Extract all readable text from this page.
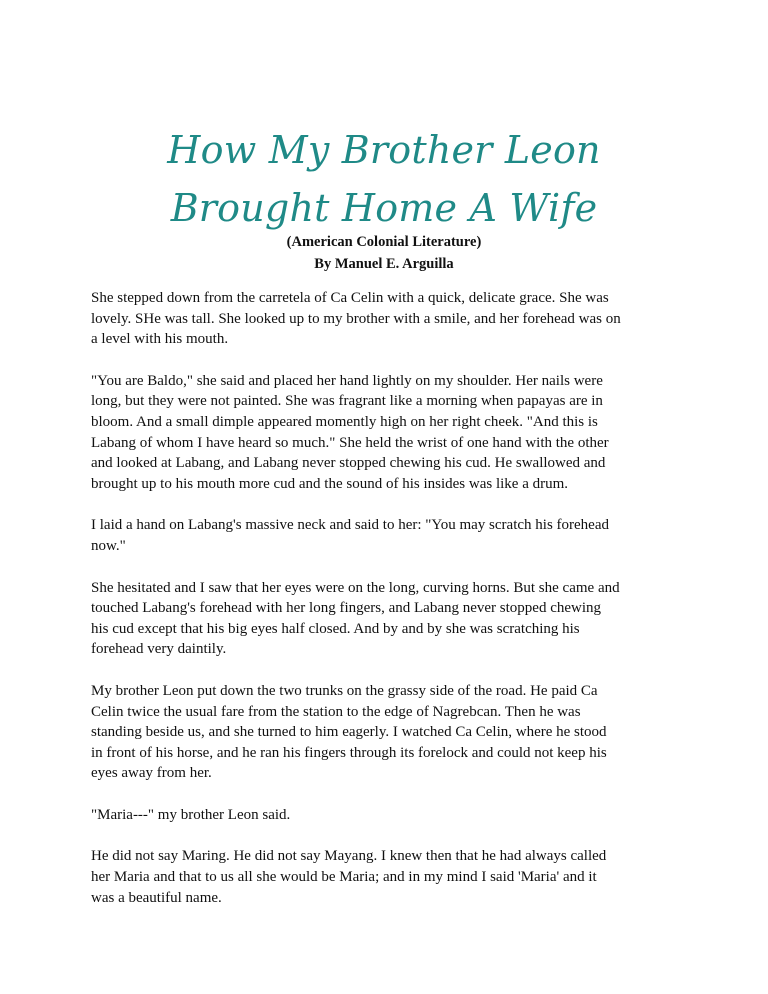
How My Brother Leon
Brought Home A Wife
(American Colonial Literature)
By Manuel E. Arguilla

She stepped down from the carretela of Ca Celin with a quick, delicate grace. She was
lovely. SHe was tall. She looked up to my brother with a smile, and her forehead was on
a level with his mouth.

"You are Baldo," she said and placed her hand lightly on my shoulder. Her nails were
long, but they were not painted. She was fragrant like a morning when papayas are in
bloom. And a small dimple appeared momently high on her right cheek. "And this is
Labang of whom I have heard so much." She held the wrist of one hand with the other
and looked at Labang, and Labang never stopped chewing his cud. He swallowed and
brought up to his mouth more cud and the sound of his insides was like a drum.

I laid a hand on Labang's massive neck and said to her: "You may scratch his forehead
now."

She hesitated and I saw that her eyes were on the long, curving horns. But she came and
touched Labang's forehead with her long fingers, and Labang never stopped chewing
his cud except that his big eyes half closed. And by and by she was scratching his
forehead very daintily.

My brother Leon put down the two trunks on the grassy side of the road. He paid Ca
Celin twice the usual fare from the station to the edge of Nagrebcan. Then he was
standing beside us, and she turned to him eagerly. I watched Ca Celin, where he stood
in front of his horse, and he ran his fingers through its forelock and could not keep his
eyes away from her.

"Maria---" my brother Leon said.

He did not say Maring. He did not say Mayang. I knew then that he had always called
her Maria and that to us all she would be Maria; and in my mind I said 'Maria' and it
was a beautiful name.
